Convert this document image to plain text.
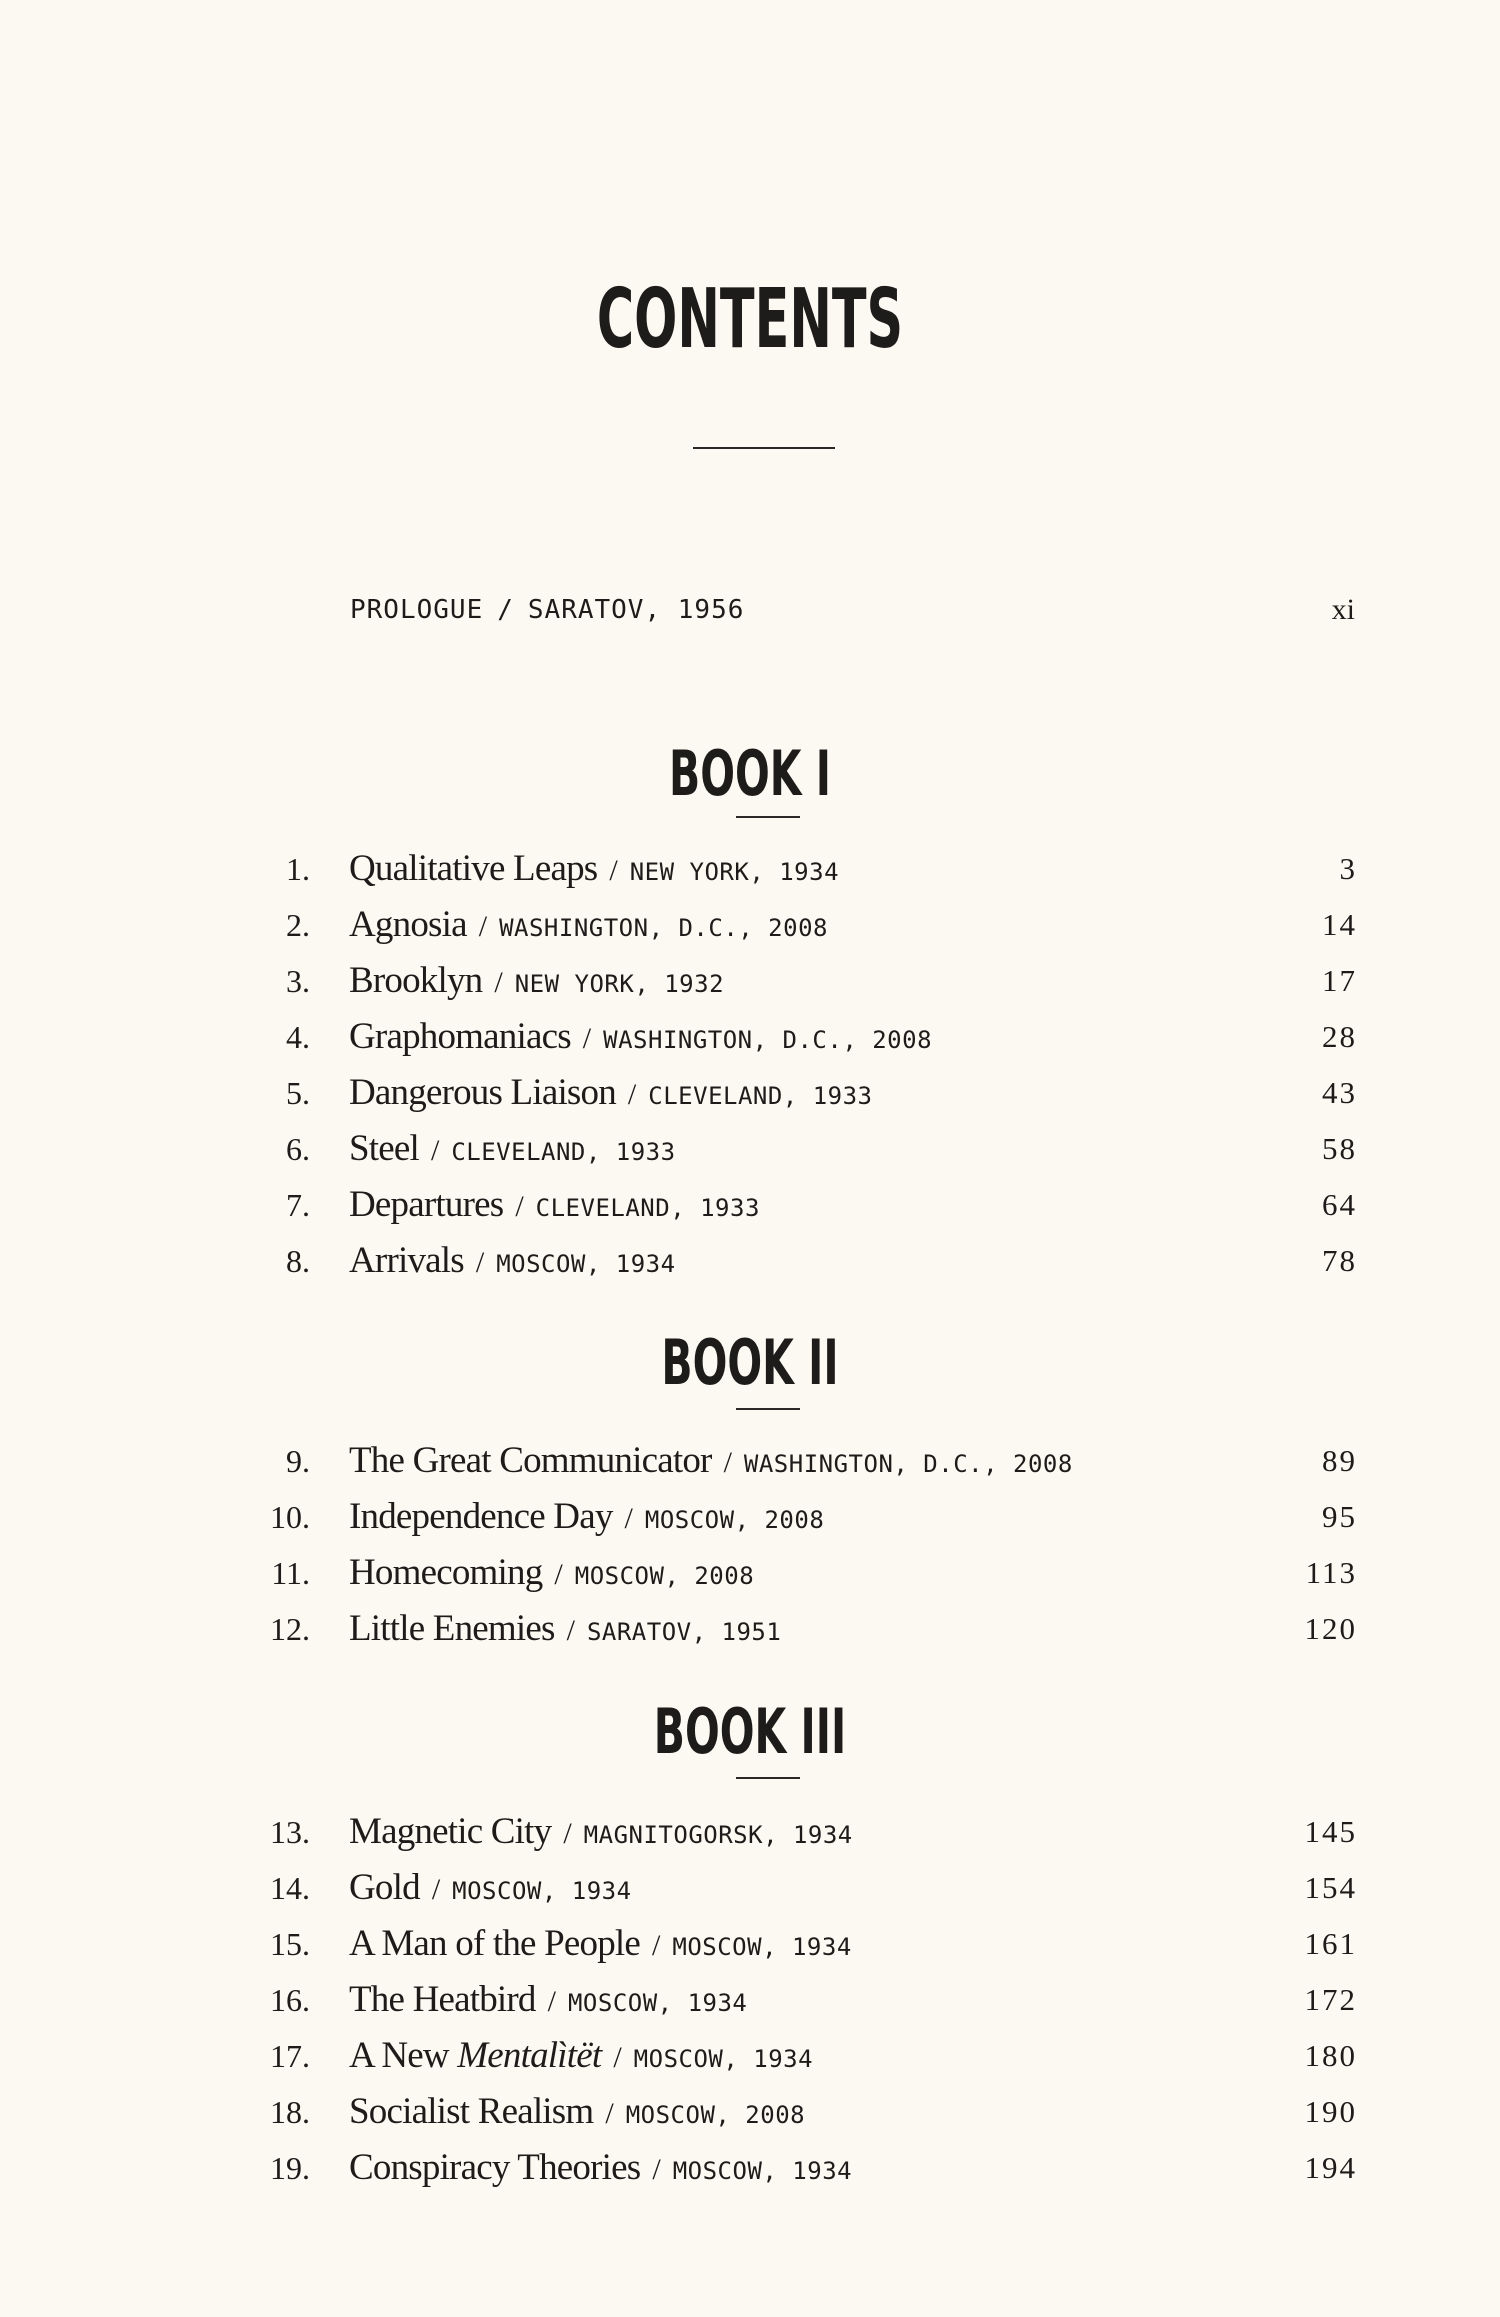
CONTENTS
PROLOGUE / SARATOV, 1956	xi
BOOK I
1. Qualitative Leaps / NEW YORK, 1934	3
2. Agnosia / WASHINGTON, D.C., 2008	14
3. Brooklyn / NEW YORK, 1932	17
4. Graphomaniacs / WASHINGTON, D.C., 2008	28
5. Dangerous Liaison / CLEVELAND, 1933	43
6. Steel / CLEVELAND, 1933	58
7. Departures / CLEVELAND, 1933	64
8. Arrivals / MOSCOW, 1934	78
BOOK II
9. The Great Communicator / WASHINGTON, D.C., 2008	89
10. Independence Day / MOSCOW, 2008	95
11. Homecoming / MOSCOW, 2008	113
12. Little Enemies / SARATOV, 1951	120
BOOK III
13. Magnetic City / MAGNITOGORSK, 1934	145
14. Gold / MOSCOW, 1934	154
15. A Man of the People / MOSCOW, 1934	161
16. The Heatbird / MOSCOW, 1934	172
17. A New Mentalìtët / MOSCOW, 1934	180
18. Socialist Realism / MOSCOW, 2008	190
19. Conspiracy Theories / MOSCOW, 1934	194
